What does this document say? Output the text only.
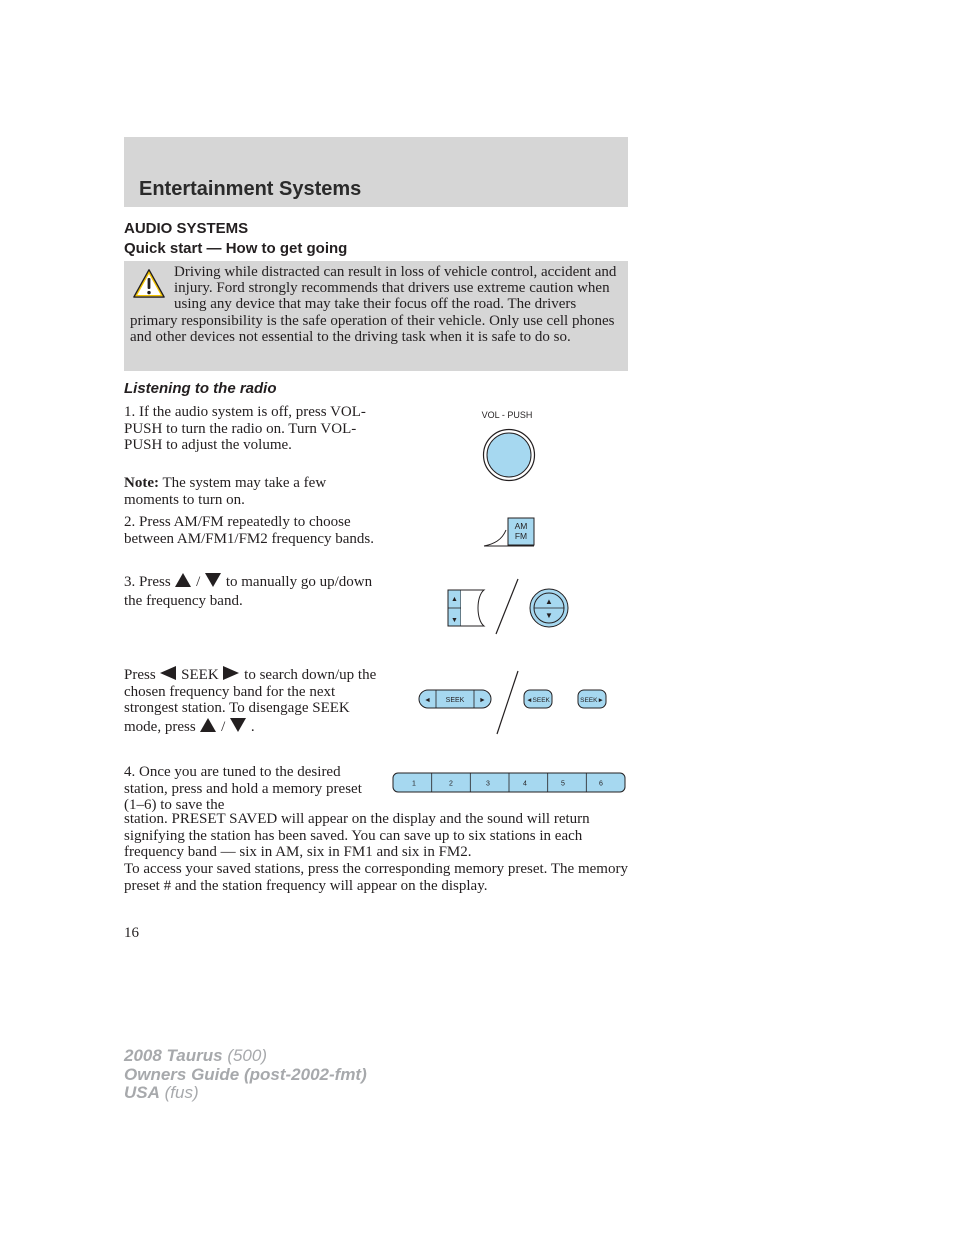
Entertainment Systems
AUDIO SYSTEMS
Quick start — How to get going
Driving while distracted can result in loss of vehicle control, accident and injury. Ford strongly recommends that drivers use extreme caution when using any device that may take their focus off the road. The drivers primary responsibility is the safe operation of their vehicle. Only use cell phones and other devices not essential to the driving task when it is safe to do so.
Listening to the radio

1. If the audio system is off, press VOL-PUSH to turn the radio on. Turn VOL-PUSH to adjust the volume.

Note: The system may take a few moments to turn on.

2. Press AM/FM repeatedly to choose between AM/FM1/FM2 frequency bands.

3. Press  /  to manually go up/down the frequency band.

Press  SEEK  to search down/up the chosen frequency band for the next strongest station. To disengage SEEK mode, press  /  .

4. Once you are tuned to the desired station, press and hold a memory preset (1–6) to save the

station. PRESET SAVED will appear on the display and the sound will return signifying the station has been saved. You can save up to six stations in each frequency band — six in AM, six in FM1 and six in FM2.

To access your saved stations, press the corresponding memory preset. The memory preset # and the station frequency will appear on the display.

VOL - PUSH
AM
FM
▲
▼
▲
▼
◄ SEEK ►	◄SEEK	SEEK►
1	2	3	4	5	6
16
2008 Taurus (500)
Owners Guide (post-2002-fmt)
USA (fus)
